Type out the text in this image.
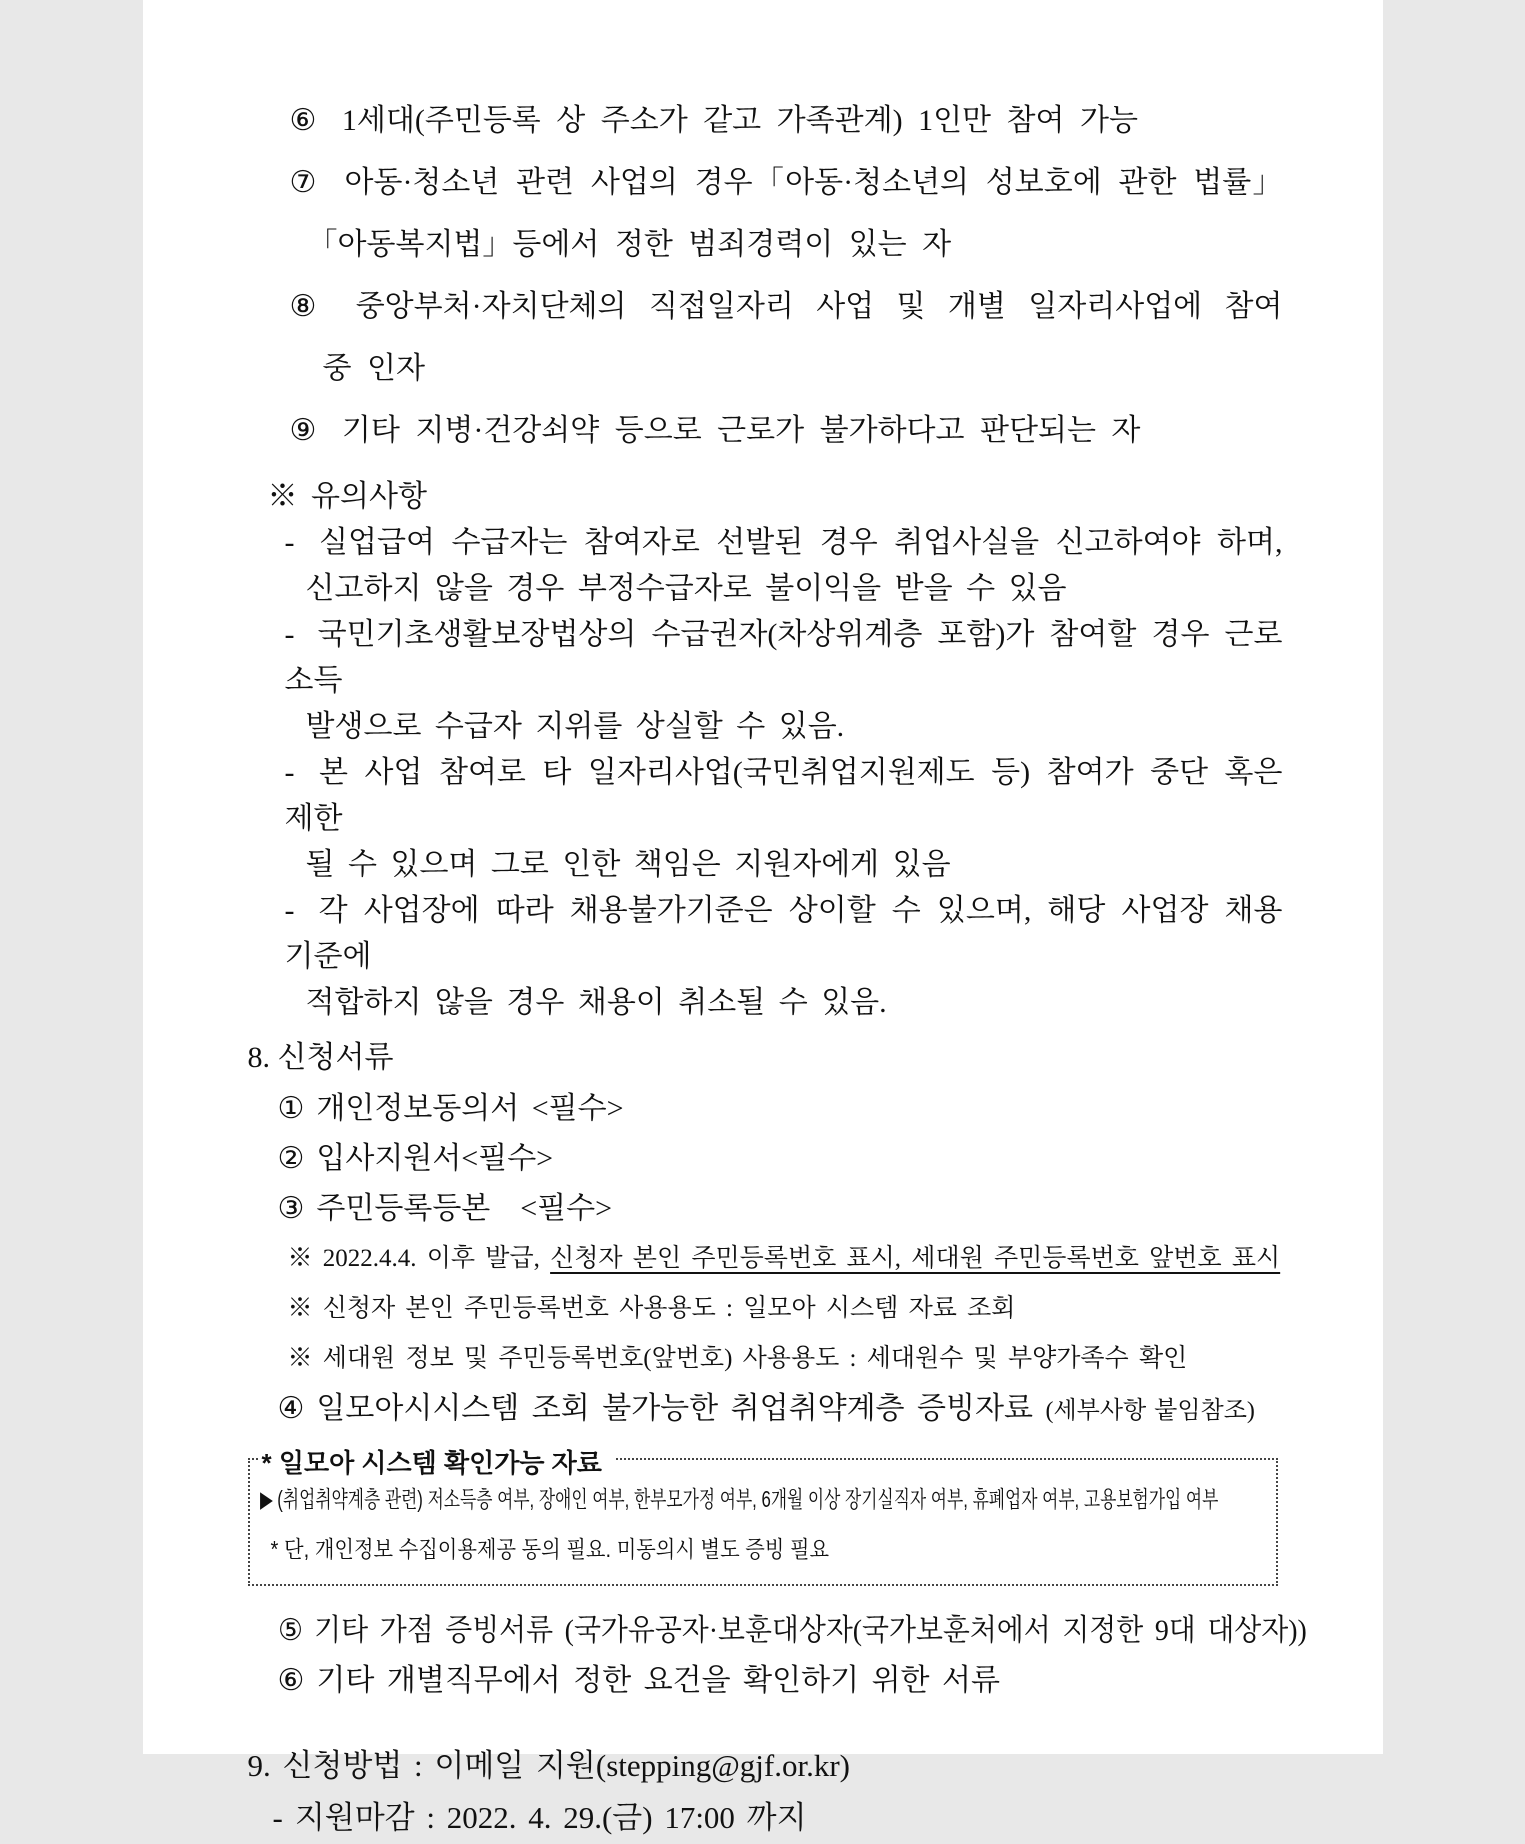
⑥ 1세대(주민등록 상 주소가 같고 가족관계) 1인만 참여 가능
⑦ 아동·청소년 관련 사업의 경우「아동·청소년의 성보호에 관한 법률」
「아동복지법」등에서 정한 범죄경력이 있는 자
⑧ 중앙부처·자치단체의 직접일자리 사업 및 개별 일자리사업에 참여
중 인자
⑨ 기타 지병·건강쇠약 등으로 근로가 불가하다고 판단되는 자
※ 유의사항
- 실업급여 수급자는 참여자로 선발된 경우 취업사실을 신고하여야 하며,
신고하지 않을 경우 부정수급자로 불이익을 받을 수 있음
- 국민기초생활보장법상의 수급권자(차상위계층 포함)가 참여할 경우 근로소득
발생으로 수급자 지위를 상실할 수 있음.
- 본 사업 참여로 타 일자리사업(국민취업지원제도 등) 참여가 중단 혹은 제한
될 수 있으며 그로 인한 책임은 지원자에게 있음
- 각 사업장에 따라 채용불가기준은 상이할 수 있으며, 해당 사업장 채용기준에
적합하지 않을 경우 채용이 취소될 수 있음.
8. 신청서류
① 개인정보동의서 <필수>
② 입사지원서<필수>
③ 주민등록등본　<필수>
※ 2022.4.4. 이후 발급, 신청자 본인 주민등록번호 표시, 세대원 주민등록번호 앞번호 표시
※ 신청자 본인 주민등록번호 사용용도 : 일모아 시스템 자료 조회
※ 세대원 정보 및 주민등록번호(앞번호) 사용용도 : 세대원수 및 부양가족수 확인
④ 일모아시시스템 조회 불가능한 취업취약계층 증빙자료 (세부사항 붙임참조)
* 일모아 시스템 확인가능 자료
▶ (취업취약계층 관련) 저소득층 여부, 장애인 여부, 한부모가정 여부, 6개월 이상 장기실직자 여부, 휴폐업자 여부, 고용보험가입 여부
* 단, 개인정보 수집이용제공 동의 필요. 미동의시 별도 증빙 필요
⑤ 기타 가점 증빙서류 (국가유공자·보훈대상자(국가보훈처에서 지정한 9대 대상자))
⑥ 기타 개별직무에서 정한 요건을 확인하기 위한 서류
9. 신청방법 : 이메일 지원(stepping@gjf.or.kr)
- 지원마감 : 2022. 4. 29.(금) 17:00 까지
